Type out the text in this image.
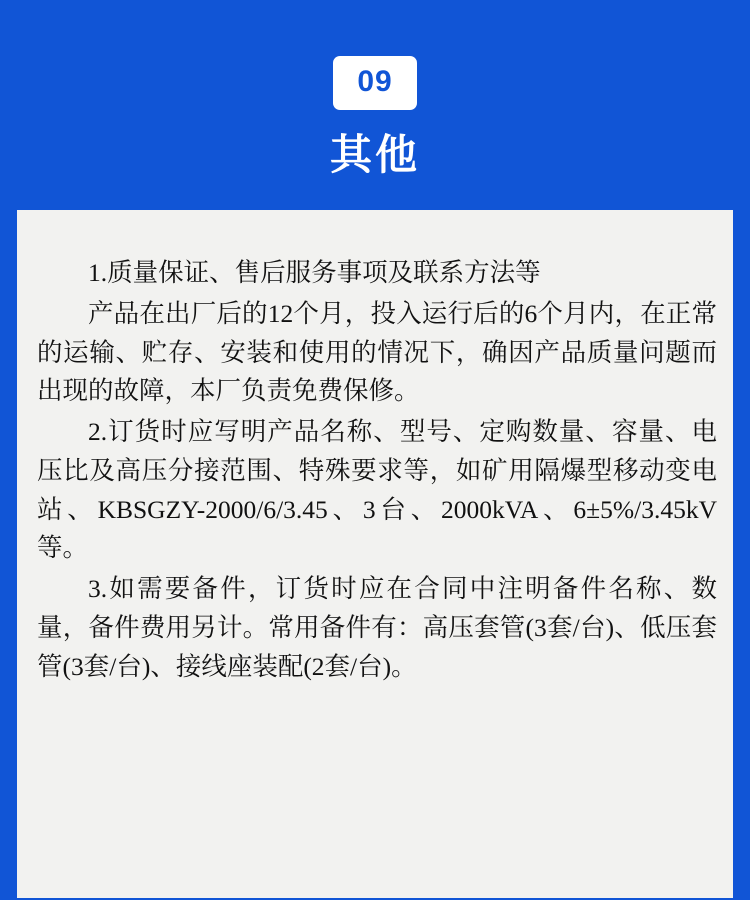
09
其他

1.质量保证、售后服务事项及联系方法等

产品在出厂后的12个月，投入运行后的6个月内，在正常的运输、贮存、安装和使用的情况下，确因产品质量问题而出现的故障，本厂负责免费保修。

2.订货时应写明产品名称、型号、定购数量、容量、电压比及高压分接范围、特殊要求等，如矿用隔爆型移动变电站、KBSGZY-2000/6/3.45、3台、2000kVA、6±5%/3.45kV等。

3.如需要备件，订货时应在合同中注明备件名称、数量，备件费用另计。常用备件有：高压套管(3套/台)、低压套管(3套/台)、接线座装配(2套/台)。
